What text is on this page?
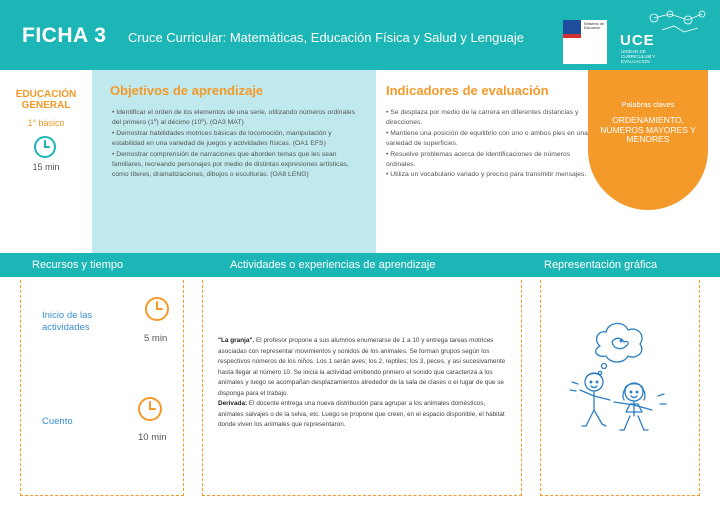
FICHA 3 Cruce Curricular: Matemáticas, Educación Física y Salud y Lenguaje
Ministerio de Educación
UCE
UNIDAD DE CURRICULUM Y EVALUACION
EDUCACIÓN GENERAL
1° básico
15 min
Objetivos de aprendizaje
• Identificar el orden de los elementos de una serie, utilizando números ordinales del primero (1º) al décimo (10º). (OA3 MAT)
• Demostrar habilidades motrices básicas de locomoción, manipulación y estabilidad en una variedad de juegos y actividades físicas. (OA1 EFS)
• Demostrar comprensión de narraciones que aborden temas que les sean familiares, recreando personajes por medio de distintas expresiones artísticas, como títeres, dramatizaciones, dibujos o esculturas. (OA8 LENG)
Indicadores de evaluación
• Se desplaza por medio de la carrera en diferentes distancias y direcciones.
• Mantiene una posición de equilibrio con uno o ambos pies en una variedad de superficies.
• Resuelve problemas acerca de identificaciones de números ordinales.
• Utiliza un vocabulario variado y preciso para transmitir mensajes.
Palabras claves
ORDENAMIENTO, NÚMEROS MAYORES Y MENORES
Recursos y tiempo	Actividades o experiencias de aprendizaje	Representación gráfica
Inicio de las actividades
5 min
Cuento
10 min
"La granja". El profesor propone a sus alumnos enumerarse de 1 a 10 y entrega tareas motrices asociadas con representar movimientos y sonidos de los animales. Se forman grupos según los respectivos números de los niños. Los 1 serán aves; los 2, reptiles; los 3, peces, y así sucesivamente hasta llegar al número 10. Se inicia la actividad emitiendo primero el sonido que caracteriza a los animales y luego se acompañan desplazamientos alrededor de la sala de clases o el lugar de que se disponga para el trabajo.
Derivada: El docente entrega una nueva distribución para agrupar a los animales domésticos, animales salvajes o de la selva, etc. Luego se propone que creen, en el espacio disponible, el hábitat donde viven los animales que representaron.
